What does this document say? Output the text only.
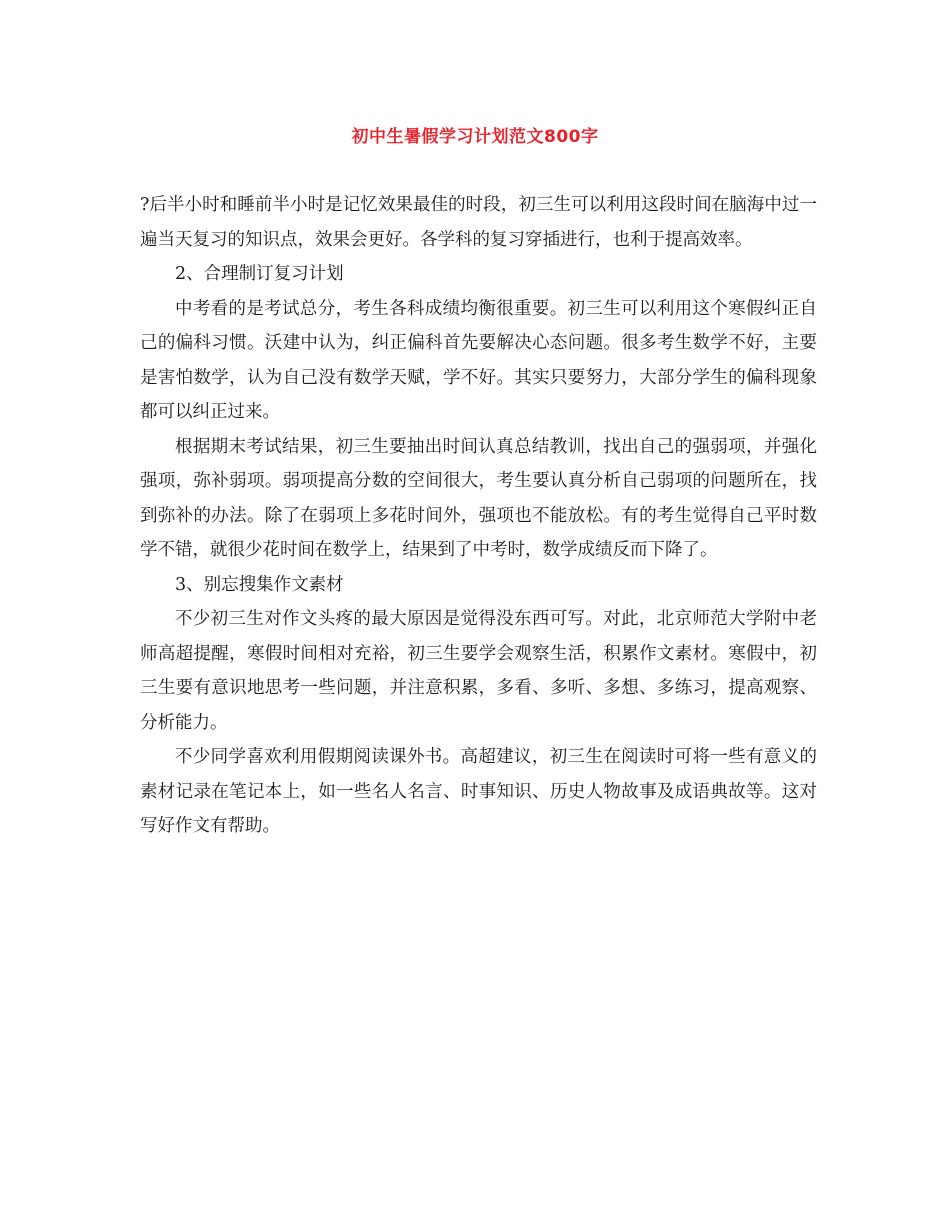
初中生暑假学习计划范文800字

?后半小时和睡前半小时是记忆效果最佳的时段，初三生可以利用这段时间在脑海中过一遍当天复习的知识点，效果会更好。各学科的复习穿插进行，也利于提高效率。

2、合理制订复习计划

中考看的是考试总分，考生各科成绩均衡很重要。初三生可以利用这个寒假纠正自己的偏科习惯。沃建中认为，纠正偏科首先要解决心态问题。很多考生数学不好，主要是害怕数学，认为自己没有数学天赋，学不好。其实只要努力，大部分学生的偏科现象都可以纠正过来。

根据期末考试结果，初三生要抽出时间认真总结教训，找出自己的强弱项，并强化强项，弥补弱项。弱项提高分数的空间很大，考生要认真分析自己弱项的问题所在，找到弥补的办法。除了在弱项上多花时间外，强项也不能放松。有的考生觉得自己平时数学不错，就很少花时间在数学上，结果到了中考时，数学成绩反而下降了。

3、别忘搜集作文素材

不少初三生对作文头疼的最大原因是觉得没东西可写。对此，北京师范大学附中老师高超提醒，寒假时间相对充裕，初三生要学会观察生活，积累作文素材。寒假中，初三生要有意识地思考一些问题，并注意积累，多看、多听、多想、多练习，提高观察、分析能力。

不少同学喜欢利用假期阅读课外书。高超建议，初三生在阅读时可将一些有意义的素材记录在笔记本上，如一些名人名言、时事知识、历史人物故事及成语典故等。这对写好作文有帮助。
